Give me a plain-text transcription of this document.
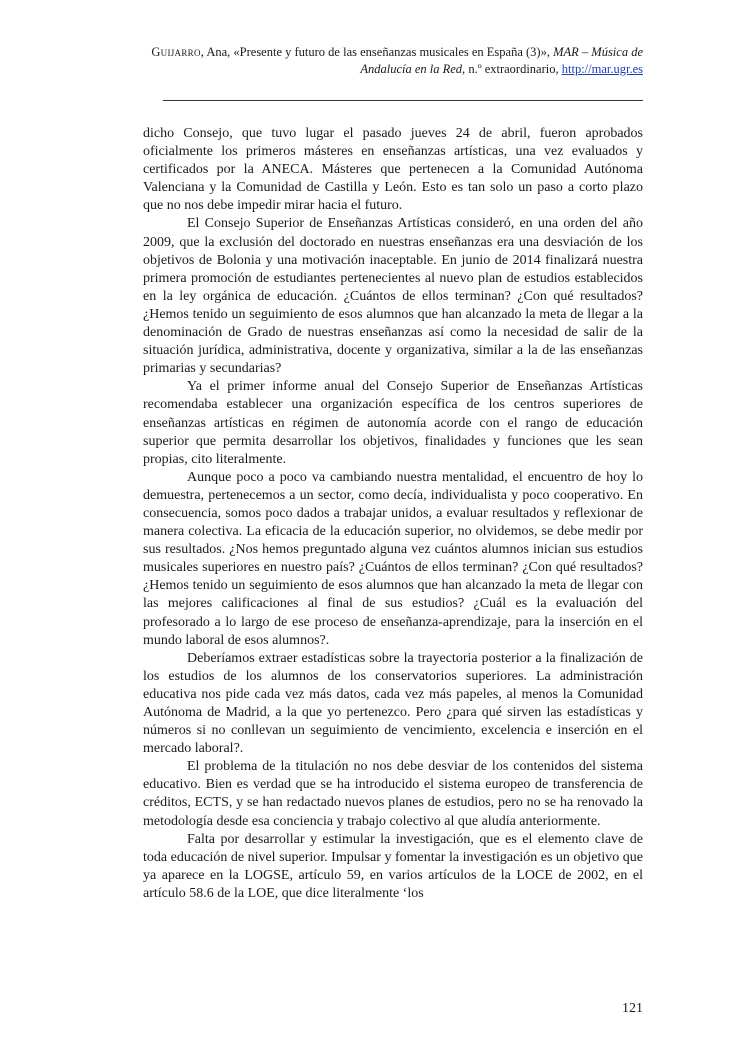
Guijarro, Ana, «Presente y futuro de las enseñanzas musicales en España (3)», MAR – Música de Andalucía en la Red, n.º extraordinario, http://mar.ugr.es

dicho Consejo, que tuvo lugar el pasado jueves 24 de abril, fueron aprobados oficialmente los primeros másteres en enseñanzas artísticas, una vez evaluados y certificados por la ANECA. Másteres que pertenecen a la Comunidad Autónoma Valenciana y la Comunidad de Castilla y León. Esto es tan solo un paso a corto plazo que no nos debe impedir mirar hacia el futuro.

El Consejo Superior de Enseñanzas Artísticas consideró, en una orden del año 2009, que la exclusión del doctorado en nuestras enseñanzas era una desviación de los objetivos de Bolonia y una motivación inaceptable. En junio de 2014 finalizará nuestra primera promoción de estudiantes pertenecientes al nuevo plan de estudios establecidos en la ley orgánica de educación. ¿Cuántos de ellos terminan? ¿Con qué resultados? ¿Hemos tenido un seguimiento de esos alumnos que han alcanzado la meta de llegar a la denominación de Grado de nuestras enseñanzas así como la necesidad de salir de la situación jurídica, administrativa, docente y organizativa, similar a la de las enseñanzas primarias y secundarias?

Ya el primer informe anual del Consejo Superior de Enseñanzas Artísticas recomendaba establecer una organización específica de los centros superiores de enseñanzas artísticas en régimen de autonomía acorde con el rango de educación superior que permita desarrollar los objetivos, finalidades y funciones que les sean propias, cito literalmente.

Aunque poco a poco va cambiando nuestra mentalidad, el encuentro de hoy lo demuestra, pertenecemos a un sector, como decía, individualista y poco cooperativo. En consecuencia, somos poco dados a trabajar unidos, a evaluar resultados y reflexionar de manera colectiva. La eficacia de la educación superior, no olvidemos, se debe medir por sus resultados. ¿Nos hemos preguntado alguna vez cuántos alumnos inician sus estudios musicales superiores en nuestro país? ¿Cuántos de ellos terminan? ¿Con qué resultados? ¿Hemos tenido un seguimiento de esos alumnos que han alcanzado la meta de llegar con las mejores calificaciones al final de sus estudios? ¿Cuál es la evaluación del profesorado a lo largo de ese proceso de enseñanza-aprendizaje, para la inserción en el mundo laboral de esos alumnos?.

Deberíamos extraer estadísticas sobre la trayectoria posterior a la finalización de los estudios de los alumnos de los conservatorios superiores. La administración educativa nos pide cada vez más datos, cada vez más papeles, al menos la Comunidad Autónoma de Madrid, a la que yo pertenezco. Pero ¿para qué sirven las estadísticas y números si no conllevan un seguimiento de vencimiento, excelencia e inserción en el mercado laboral?.

El problema de la titulación no nos debe desviar de los contenidos del sistema educativo. Bien es verdad que se ha introducido el sistema europeo de transferencia de créditos, ECTS, y se han redactado nuevos planes de estudios, pero no se ha renovado la metodología desde esa conciencia y trabajo colectivo al que aludía anteriormente.

Falta por desarrollar y estimular la investigación, que es el elemento clave de toda educación de nivel superior. Impulsar y fomentar la investigación es un objetivo que ya aparece en la LOGSE, artículo 59, en varios artículos de la LOCE de 2002, en el artículo 58.6 de la LOE, que dice literalmente ‘los

121
